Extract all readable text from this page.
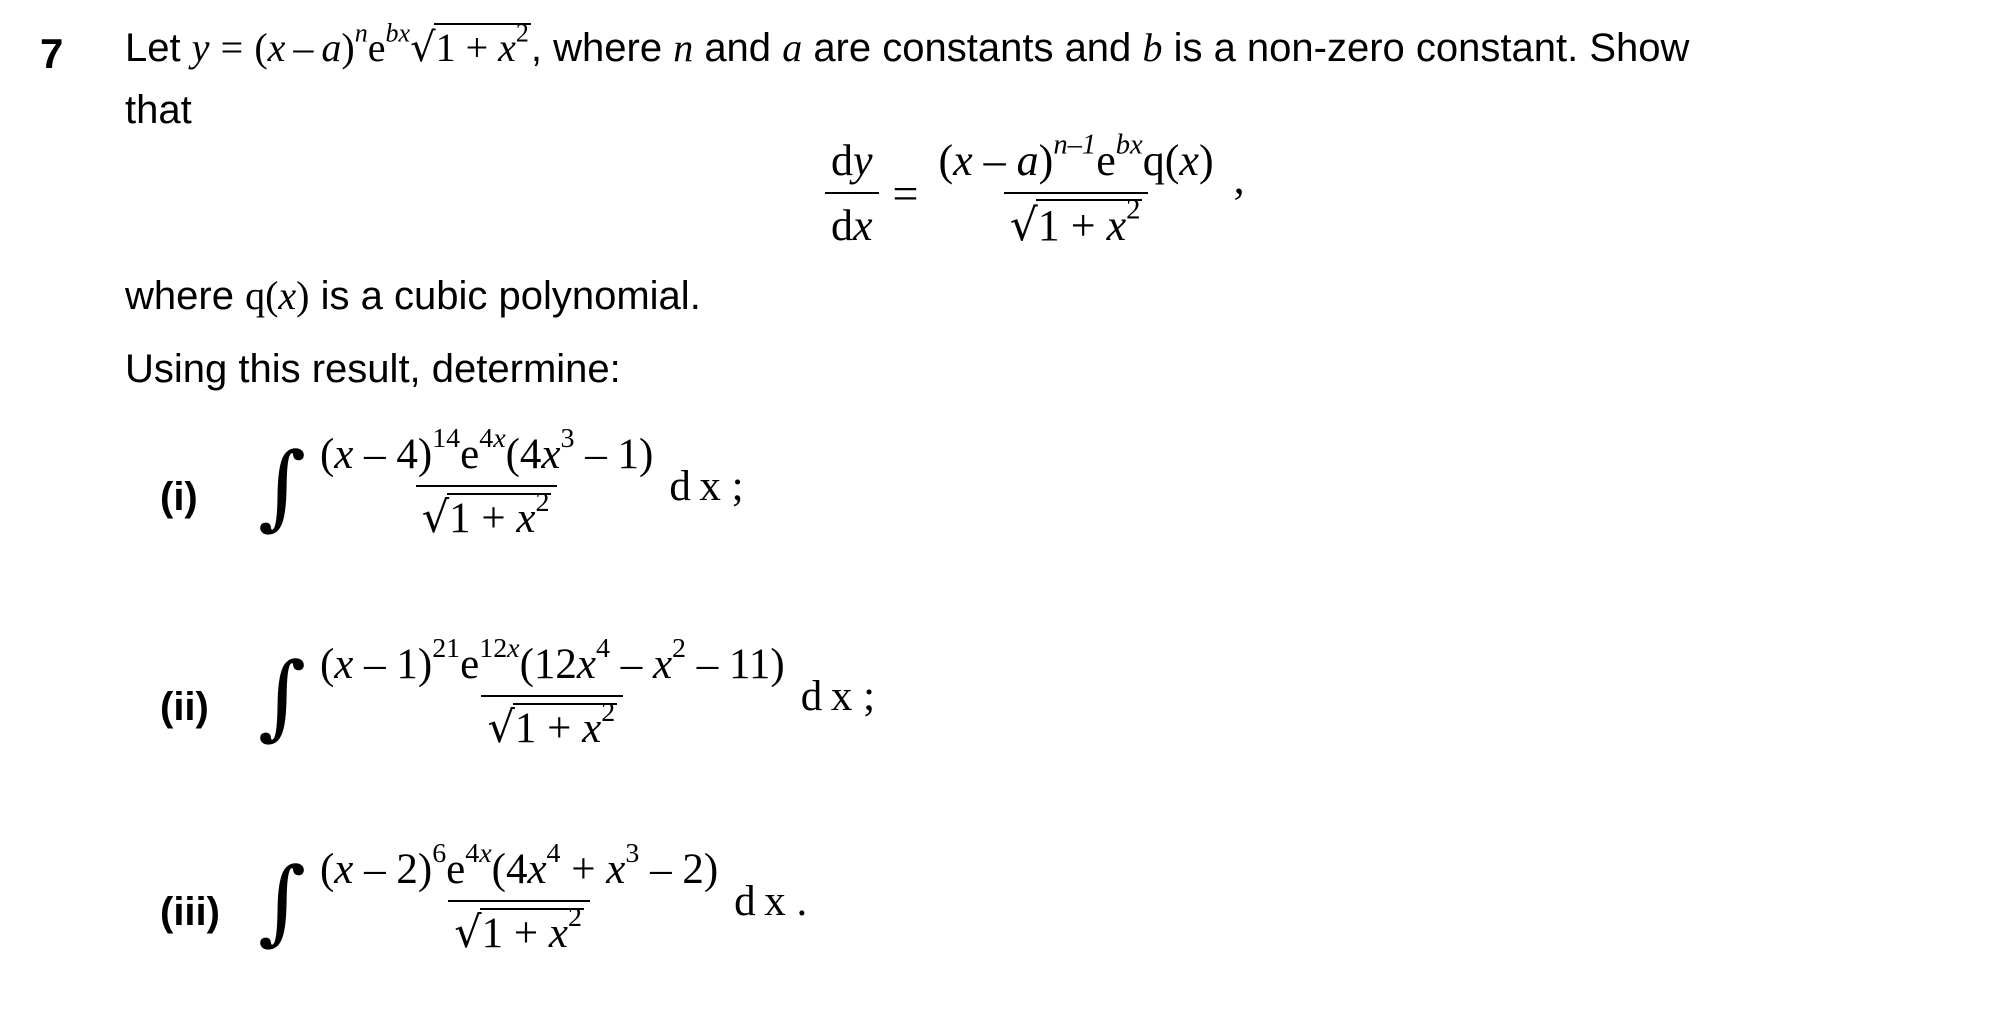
7 Let $y = (x - a)^ne^{bx}√1 + x^2$, where n and a are constants and b is a non-zero constant. Show
that
$\frac{dy}{dx} = \frac{(x - a)^{n-1}e^{bx}q(x)}{√1 + x^2}$ ,
where q(x) is a cubic polynomial.
Using this result, determine:
(i) ∫ $\frac{(x - 4)^{14}e^{4x}(4x^3 - 1)}{√1 + x^2}$ d x ;
(ii) ∫ $\frac{(x - 1)^{21}e^{12x}(12x^4 - x^2 - 11)}{√1 + x^2}$ d x ;
(iii) ∫ $\frac{(x - 2)^6e^{4x}(4x^4 + x^3 - 2)}{√1 + x^2}$ d x .
